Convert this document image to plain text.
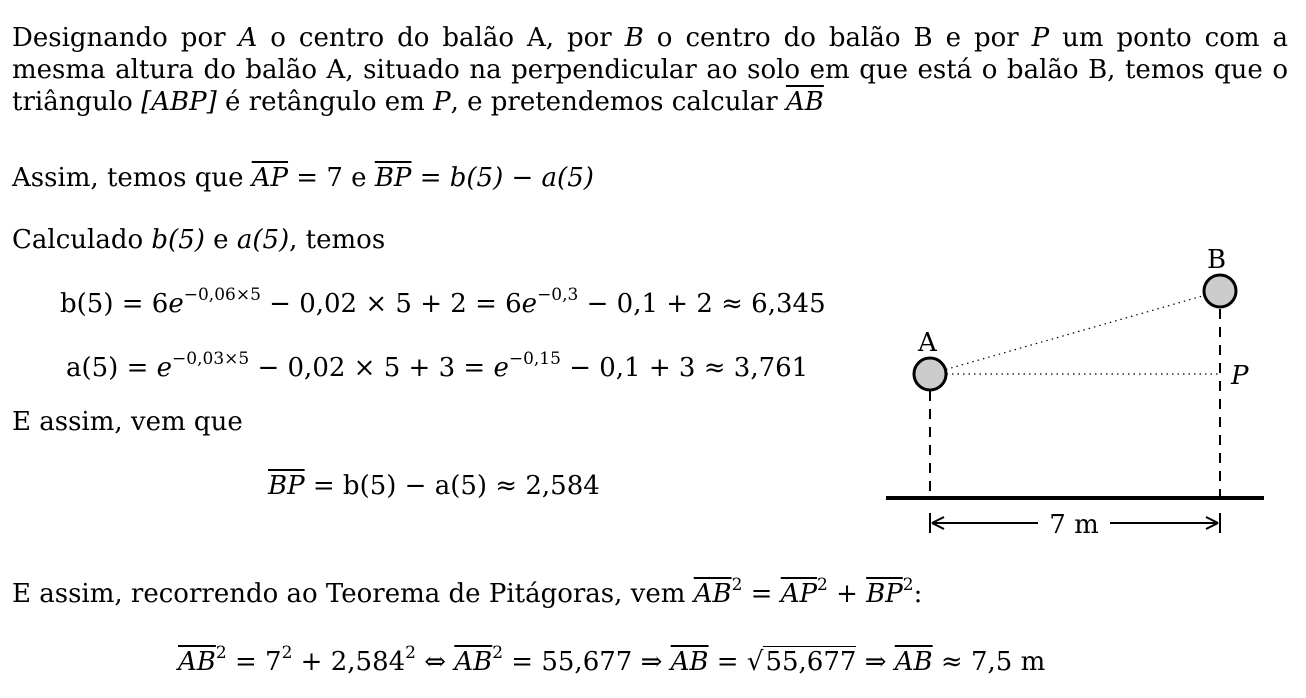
Designando por A o centro do balão A, por B o centro do balão B e por P um ponto com a mesma altura do balão A, situado na perpendicular ao solo em que está o balão B, temos que o triângulo [ABP] é retângulo em P, e pretendemos calcular $\overline{AB}$
Assim, temos que $\overline{AP} = 7$ e $\overline{BP} = b(5) - a(5)$
Calculado b(5) e a(5), temos
$b(5) = 6e^{-0,06\times 5} - 0,02 \times 5 + 2 = 6e^{-0,3} - 0,1 + 2 \approx 6,345$
$a(5) = e^{-0,03\times 5} - 0,02 \times 5 + 3 = e^{-0,15} - 0,1 + 3 \approx 3,761$
E assim, vem que
$\overline{BP} = b(5) - a(5) \approx 2,584$
E assim, recorrendo ao Teorema de Pitágoras, vem $\overline{AB}^2 = \overline{AP}^2 + \overline{BP}^2$:
$\overline{AB}^2 = 7^2 + 2,584^2$ ⇔ $\overline{AB}^2 = 55,677$ ⇒ $\overline{AB} = √55,677$ ⇒ $\overline{AB} \approx 7,5$ m
A
B
P
7 m
